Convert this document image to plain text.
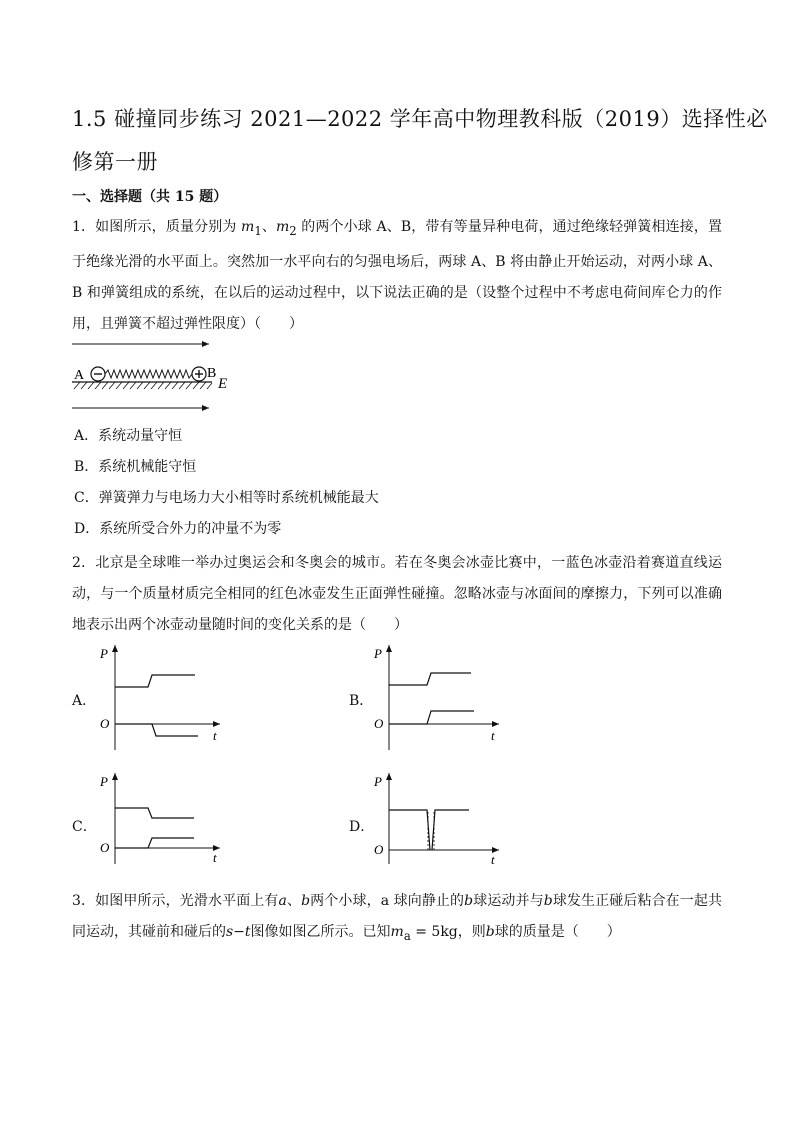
1.5 碰撞同步练习 2021—2022 学年高中物理教科版（2019）选择性必
修第一册
一、选择题（共 15 题）
1．如图所示，质量分别为 $m_1$、$m_2$ 的两个小球 A、B，带有等量异种电荷，通过绝缘轻弹簧相连接，置于绝缘光滑的水平面上。突然加一水平向右的匀强电场后，两球 A、B 将由静止开始运动，对两小球 A、B 和弹簧组成的系统，在以后的运动过程中，以下说法正确的是（设整个过程中不考虑电荷间库仑力的作用，且弹簧不超过弹性限度）（　　）
A	B
E
A．系统动量守恒
B．系统机械能守恒
C．弹簧弹力与电场力大小相等时系统机械能最大
D．系统所受合外力的冲量不为零
2．北京是全球唯一举办过奥运会和冬奥会的城市。若在冬奥会冰壶比赛中，一蓝色冰壶沿着赛道直线运动，与一个质量材质完全相同的红色冰壶发生正面弹性碰撞。忽略冰壶与冰面间的摩擦力，下列可以准确地表示出两个冰壶动量随时间的变化关系的是（　　）
A．
P
O
t
B．
P
O
t
C．
P
O
t
D．
P
O
t
3．如图甲所示，光滑水平面上有a、b两个小球，a 球向静止的b球运动并与b球发生正碰后粘合在一起共同运动，其碰前和碰后的s−t图像如图乙所示。已知$m_a = 5kg$，则b球的质量是（　　）
